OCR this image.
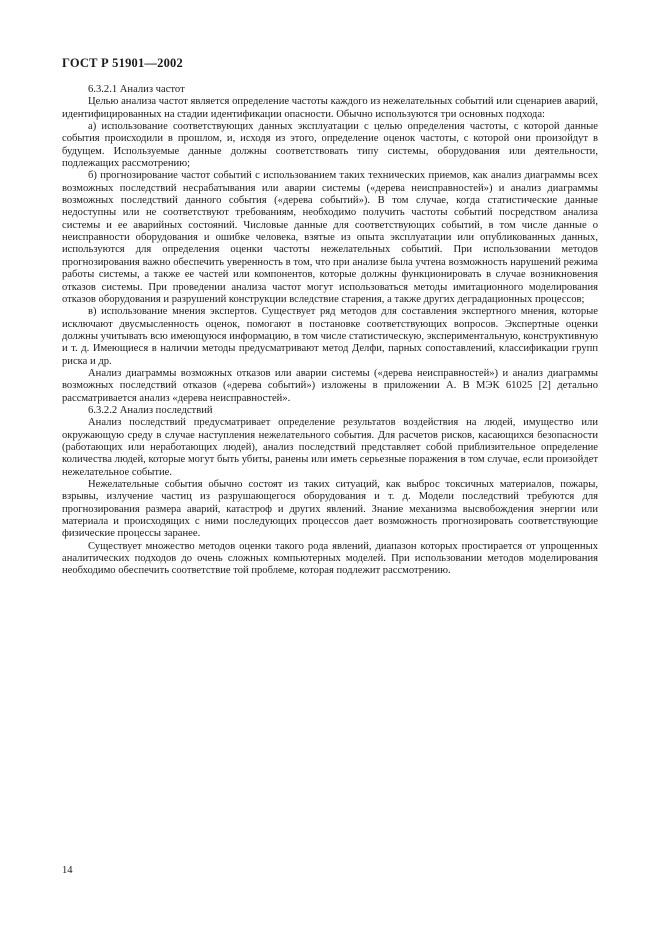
ГОСТ Р 51901—2002

6.3.2.1 Анализ частот

Целью анализа частот является определение частоты каждого из нежелательных событий или сценариев аварий, идентифицированных на стадии идентификации опасности. Обычно используются три основных подхода:

а) использование соответствующих данных эксплуатации с целью определения частоты, с которой данные события происходили в прошлом, и, исходя из этого, определение оценок частоты, с которой они произойдут в будущем. Используемые данные должны соответствовать типу системы, оборудования или деятельности, подлежащих рассмотрению;

б) прогнозирование частот событий с использованием таких технических приемов, как анализ диаграммы всех возможных последствий несрабатывания или аварии системы («дерева неисправностей») и анализ диаграммы возможных последствий данного события («дерева событий»). В том случае, когда статистические данные недоступны или не соответствуют требованиям, необходимо получить частоты событий посредством анализа системы и ее аварийных состояний. Числовые данные для соответствующих событий, в том числе данные о неисправности оборудования и ошибке человека, взятые из опыта эксплуатации или опубликованных данных, используются для определения оценки частоты нежелательных событий. При использовании методов прогнозирования важно обеспечить уверенность в том, что при анализе была учтена возможность нарушений режима работы системы, а также ее частей или компонентов, которые должны функционировать в случае возникновения отказов системы. При проведении анализа частот могут использоваться методы имитационного моделирования отказов оборудования и разрушений конструкции вследствие старения, а также других деградационных процессов;

в) использование мнения экспертов. Существует ряд методов для составления экспертного мнения, которые исключают двусмысленность оценок, помогают в постановке соответствующих вопросов. Экспертные оценки должны учитывать всю имеющуюся информацию, в том числе статистическую, экспериментальную, конструктивную и т. д. Имеющиеся в наличии методы предусматривают метод Делфи, парных сопоставлений, классификации групп риска и др.

Анализ диаграммы возможных отказов или аварии системы («дерева неисправностей») и анализ диаграммы возможных последствий отказов («дерева событий») изложены в приложении А. В МЭК 61025 [2] детально рассматривается анализ «дерева неисправностей».

6.3.2.2 Анализ последствий

Анализ последствий предусматривает определение результатов воздействия на людей, имущество или окружающую среду в случае наступления нежелательного события. Для расчетов рисков, касающихся безопасности (работающих или неработающих людей), анализ последствий представляет собой приблизительное определение количества людей, которые могут быть убиты, ранены или иметь серьезные поражения в том случае, если произойдет нежелательное событие.

Нежелательные события обычно состоят из таких ситуаций, как выброс токсичных материалов, пожары, взрывы, излучение частиц из разрушающегося оборудования и т. д. Модели последствий требуются для прогнозирования размера аварий, катастроф и других явлений. Знание механизма высвобождения энергии или материала и происходящих с ними последующих процессов дает возможность прогнозировать соответствующие физические процессы заранее.

Существует множество методов оценки такого рода явлений, диапазон которых простирается от упрощенных аналитических подходов до очень сложных компьютерных моделей. При использовании методов моделирования необходимо обеспечить соответствие той проблеме, которая подлежит рассмотрению.

14
